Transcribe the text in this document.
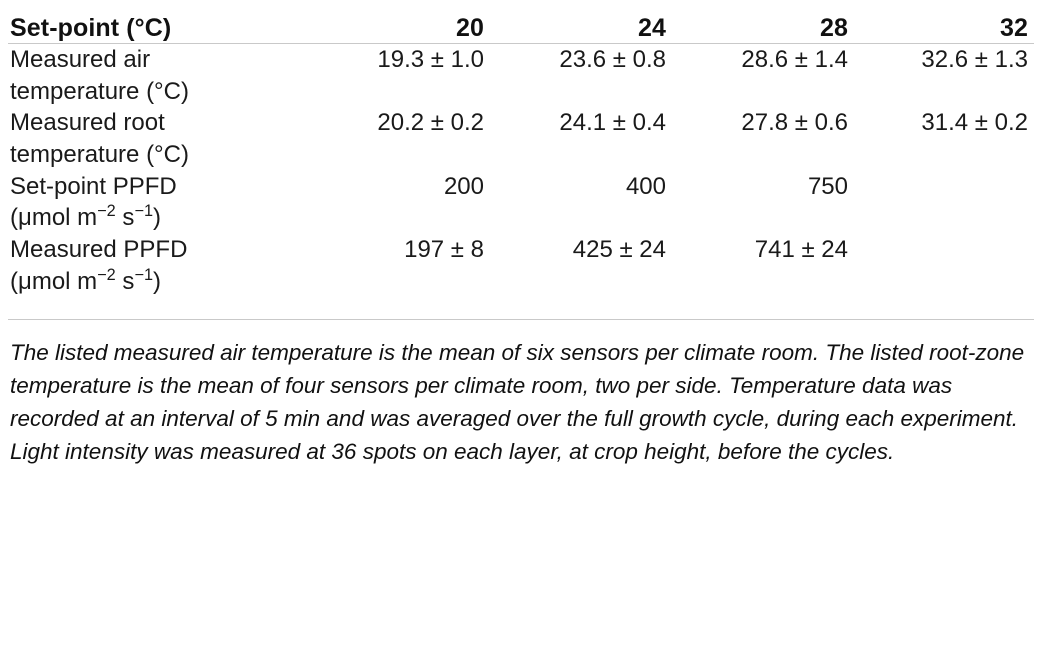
Set-point (°C)	20	24	28	32
Measured air
temperature (°C)	19.3 ± 1.0	23.6 ± 0.8	28.6 ± 1.4	32.6 ± 1.3
Measured root
temperature (°C)	20.2 ± 0.2	24.1 ± 0.4	27.8 ± 0.6	31.4 ± 0.2
Set-point PPFD
(μmol $m^{-2}$ $s^{-1}$)	200	400	750	
Measured PPFD
(μmol $m^{-2}$ $s^{-1}$)	197 ± 8	425 ± 24	741 ± 24	
The listed measured air temperature is the mean of six sensors per climate room. The listed root-zone temperature is the mean of four sensors per climate room, two per side. Temperature data was recorded at an interval of 5 min and was averaged over the full growth cycle, during each experiment. Light intensity was measured at 36 spots on each layer, at crop height, before the cycles.
